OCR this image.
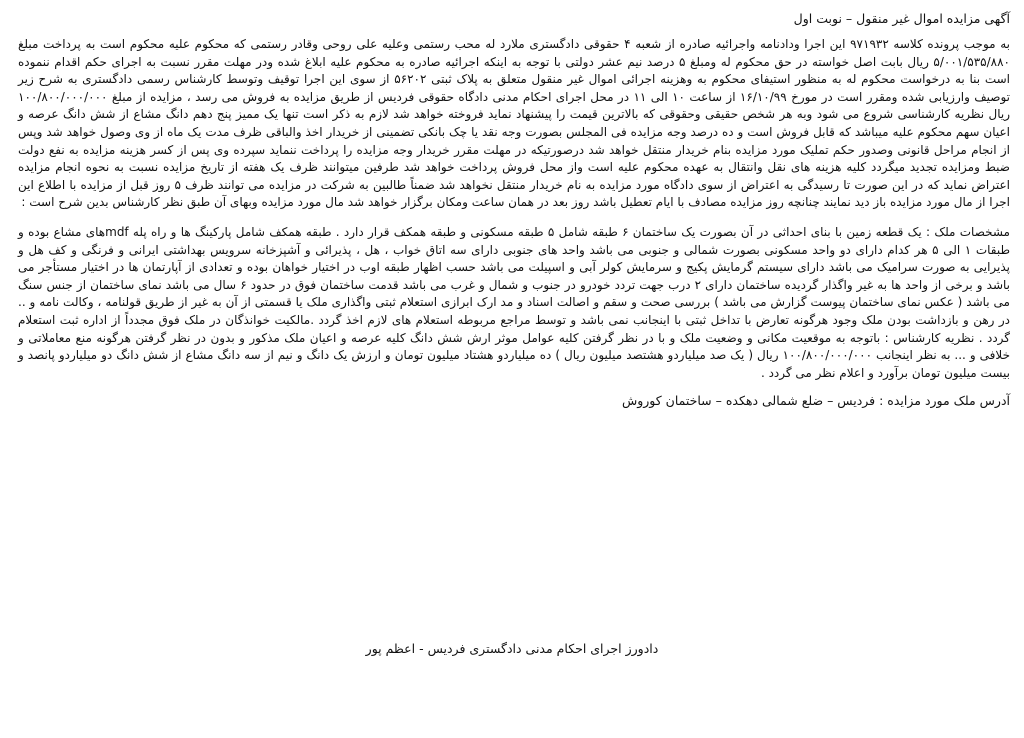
آگهی مزایده اموال غیر منقول – نوبت اول

به موجب پرونده کلاسه ۹۷۱۹۳۲ این اجرا ودادنامه واجرائیه صادره از شعبه ۴ حقوقی دادگستری ملارد له محب رستمی وعلیه علی روحی وقادر رستمی که محکوم علیه محکوم است به پرداخت مبلغ ۵/۰۰۱/۵۳۵/۸۸۰ ریال بابت اصل خواسته در حق محکوم له ومبلغ ۵ درصد نیم عشر دولتی با توجه به اینکه اجرائیه صادره به محکوم علیه ابلاغ شده ودر مهلت مقرر نسبت به اجرای حکم اقدام ننموده است بنا به درخواست محکوم له به منظور استیفای محکوم به وهزینه اجرائی اموال غیر منقول متعلق به پلاک ثبتی ۵۶۲۰۲ از سوی این اجرا توقیف وتوسط کارشناس رسمی دادگستری به شرح زیر توصیف وارزیابی شده ومقرر است در مورخ ۱۶/۱۰/۹۹ از ساعت ۱۰ الی ۱۱ در محل اجرای احکام مدنی دادگاه حقوقی فردیس از طریق مزایده به فروش می رسد ، مزایده از مبلغ ۱۰۰/۸۰۰/۰۰۰/۰۰۰ ریال نظریه کارشناسی شروع می شود وبه هر شخص حقیقی وحقوقی که بالاترین قیمت را پیشنهاد نماید فروخته خواهد شد لازم به ذکر است تنها یک ممیز پنج دهم دانگ مشاع از شش دانگ عرصه و اعیان سهم محکوم علیه میباشد که قابل فروش است و ده درصد وجه مزایده فی المجلس بصورت وجه نقد یا چک بانکی تضمینی از خریدار اخذ والباقی ظرف مدت یک ماه از وی وصول خواهد شد وپس از انجام مراحل قانونی وصدور حکم تملیک مورد مزایده بنام خریدار منتقل خواهد شد درصورتیکه در مهلت مقرر خریدار وجه مزایده را پرداخت ننماید سپرده وی پس از کسر هزینه مزایده به نفع دولت ضبط ومزایده تجدید میگردد کلیه هزینه های نقل وانتقال به عهده محکوم علیه است واز محل فروش پرداخت خواهد شد طرفین میتوانند ظرف یک هفته از تاریخ مزایده نسبت به نحوه انجام مزایده اعتراض نماید که در این صورت تا رسیدگی به اعتراض از سوی دادگاه مورد مزایده به نام خریدار منتقل نخواهد شد ضمناً طالبین به شرکت در مزایده می توانند ظرف ۵ روز قبل از مزایده با اطلاع این اجرا از مال مورد مزایده باز دید نمایند چنانچه روز مزایده مصادف با ایام تعطیل باشد روز بعد در همان ساعت ومکان برگزار خواهد شد مال مورد مزایده وبهای آن طبق نظر کارشناس بدین شرح است :

مشخصات ملک : یک قطعه زمین با بنای احداثی در آن بصورت یک ساختمان ۶ طبقه شامل ۵ طبقه مسکونی و طبقه همکف قرار دارد . طبقه همکف شامل پارکینگ ها و راه پله mdfهای مشاع بوده و طبقات ۱ الی ۵ هر کدام دارای دو واحد مسکونی بصورت شمالی و جنوبی می باشد واحد های جنوبی دارای سه اتاق خواب ، هل ، پذیرائی و آشپزخانه سرویس بهداشتی ایرانی و فرنگی و کف هل و پذیرایی به صورت سرامیک می باشد دارای سیستم گرمایش پکیج و سرمایش کولر آبی و اسپیلت می باشد حسب اظهار طبقه اوب در اختیار خواهان بوده و تعدادی از آپارتمان ها در اختیار مستأجر می باشد و برخی از واحد ها به غیر واگذار گردیده ساختمان دارای ۲ درب جهت تردد خودرو در جنوب و شمال و غرب می باشد قدمت ساختمان فوق در حدود ۶ سال می باشد نمای ساختمان از جنس سنگ می باشد ( عکس نمای ساختمان پیوست گزارش می باشد ) بررسی صحت و سقم و اصالت اسناد و مد ارک ابرازی استعلام ثبتی واگذاری ملک یا قسمتی از آن به غیر از طریق قولنامه ، وکالت نامه و .. در رهن و بازداشت بودن ملک وجود هرگونه تعارض با تداخل ثبتی با اینجانب نمی باشد و توسط مراجع مربوطه استعلام های لازم اخذ گردد .مالکیت خوانذگان در ملک فوق مجدداً از اداره ثبت استعلام گردد . نظریه کارشناس : باتوجه به موقعیت مکانی و وضعیت ملک و با در نظر گرفتن کلیه عوامل موثر ارش شش دانگ کلیه عرصه و اعیان ملک مذکور و بدون در نظر گرفتن هرگونه منع معاملاتی و خلافی و ... به نظر اینجانب ۱۰۰/۸۰۰/۰۰۰/۰۰۰ ریال ( یک صد میلیاردو هشتصد میلیون ریال ) ده میلیاردو هشتاد میلیون تومان و ارزش یک دانگ و نیم از سه دانگ مشاع از شش دانگ دو میلیاردو پانصد و بیست میلیون تومان برآورد و اعلام نظر می گردد .

آدرس ملک مورد مزایده : فردیس – ضلع شمالی دهکده – ساختمان کوروش

دادورز اجرای احکام مدنی دادگستری فردیس - اعظم پور
